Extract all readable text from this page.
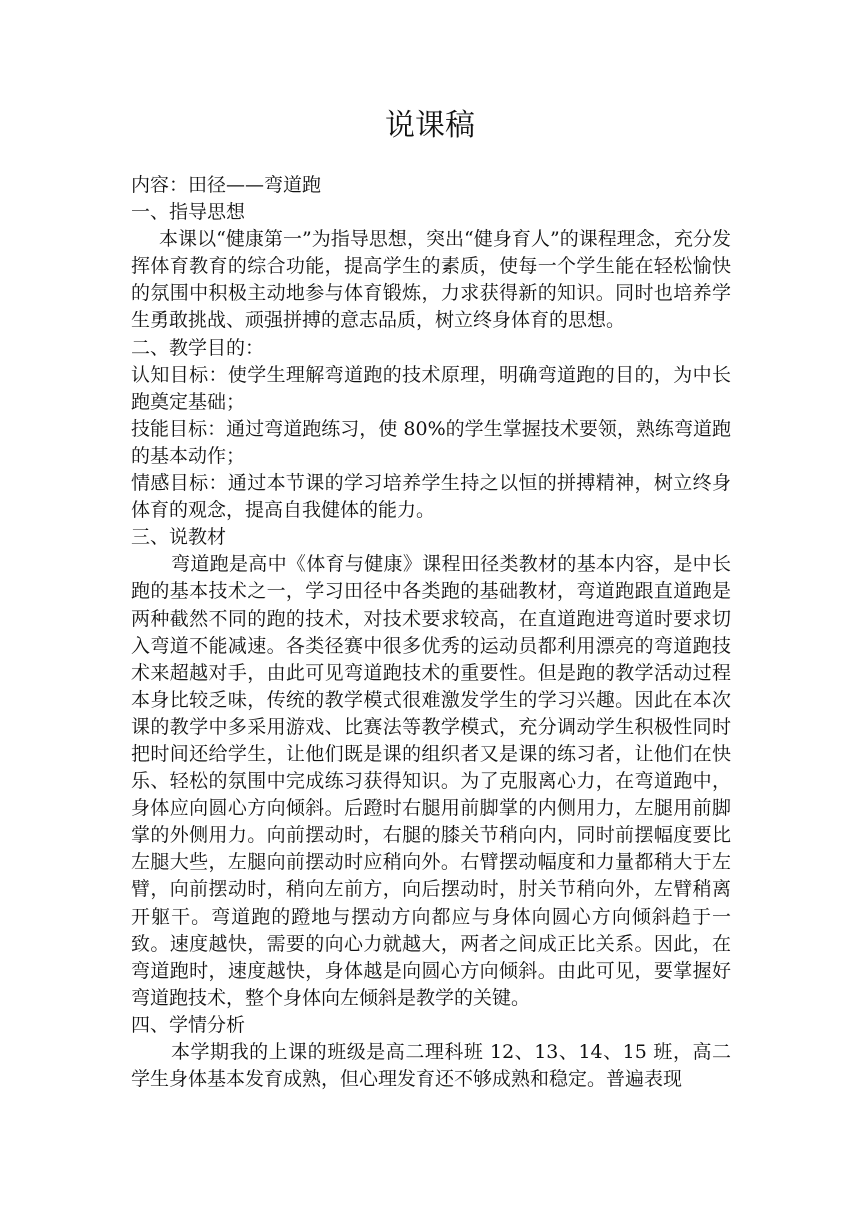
说课稿

内容：田径——弯道跑

一、指导思想

本课以“健康第一”为指导思想，突出“健身育人”的课程理念，充分发挥体育教育的综合功能，提高学生的素质，使每一个学生能在轻松愉快的氛围中积极主动地参与体育锻炼，力求获得新的知识。同时也培养学生勇敢挑战、顽强拼搏的意志品质，树立终身体育的思想。

二、教学目的：

认知目标：使学生理解弯道跑的技术原理，明确弯道跑的目的，为中长跑奠定基础；

技能目标：通过弯道跑练习，使 80%的学生掌握技术要领，熟练弯道跑的基本动作；

情感目标：通过本节课的学习培养学生持之以恒的拼搏精神，树立终身体育的观念，提高自我健体的能力。

三、说教材

弯道跑是高中《体育与健康》课程田径类教材的基本内容，是中长跑的基本技术之一，学习田径中各类跑的基础教材，弯道跑跟直道跑是两种截然不同的跑的技术，对技术要求较高，在直道跑进弯道时要求切入弯道不能减速。各类径赛中很多优秀的运动员都利用漂亮的弯道跑技术来超越对手，由此可见弯道跑技术的重要性。但是跑的教学活动过程本身比较乏味，传统的教学模式很难激发学生的学习兴趣。因此在本次课的教学中多采用游戏、比赛法等教学模式，充分调动学生积极性同时把时间还给学生，让他们既是课的组织者又是课的练习者，让他们在快乐、轻松的氛围中完成练习获得知识。为了克服离心力，在弯道跑中，身体应向圆心方向倾斜。后蹬时右腿用前脚掌的内侧用力，左腿用前脚掌的外侧用力。向前摆动时，右腿的膝关节稍向内，同时前摆幅度要比左腿大些，左腿向前摆动时应稍向外。右臂摆动幅度和力量都稍大于左臂，向前摆动时，稍向左前方，向后摆动时，肘关节稍向外，左臂稍离开躯干。弯道跑的蹬地与摆动方向都应与身体向圆心方向倾斜趋于一致。速度越快，需要的向心力就越大，两者之间成正比关系。因此，在弯道跑时，速度越快，身体越是向圆心方向倾斜。由此可见，要掌握好弯道跑技术，整个身体向左倾斜是教学的关键。

四、学情分析

本学期我的上课的班级是高二理科班 12、13、14、15 班，高二学生身体基本发育成熟，但心理发育还不够成熟和稳定。普遍表现
